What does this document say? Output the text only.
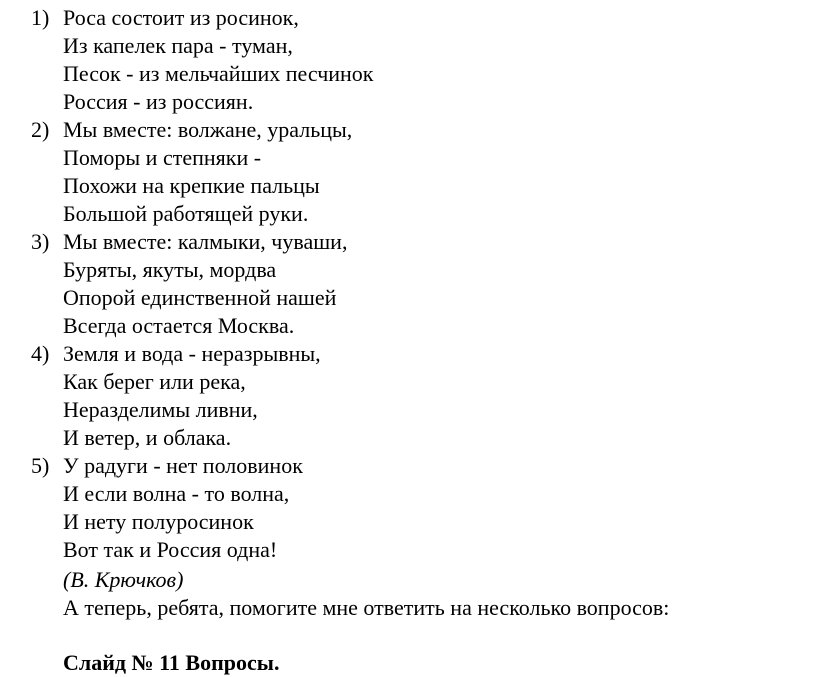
1) Роса состоит из росинок,
Из капелек пара - туман,
Песок - из мельчайших песчинок
Россия - из россиян.
2) Мы вместе: волжане, уральцы,
Поморы и степняки -
Похожи на крепкие пальцы
Большой работящей руки.
3) Мы вместе: калмыки, чуваши,
Буряты, якуты, мордва
Опорой единственной нашей
Всегда остается Москва.
4) Земля и вода - неразрывны,
Как берег или река,
Неразделимы ливни,
И ветер, и облака.
5) У радуги - нет половинок
И если волна - то волна,
И нету полуросинок
Вот так и Россия одна!
(В. Крючков)
А теперь, ребята, помогите мне ответить на несколько вопросов:
Слайд № 11 Вопросы.
